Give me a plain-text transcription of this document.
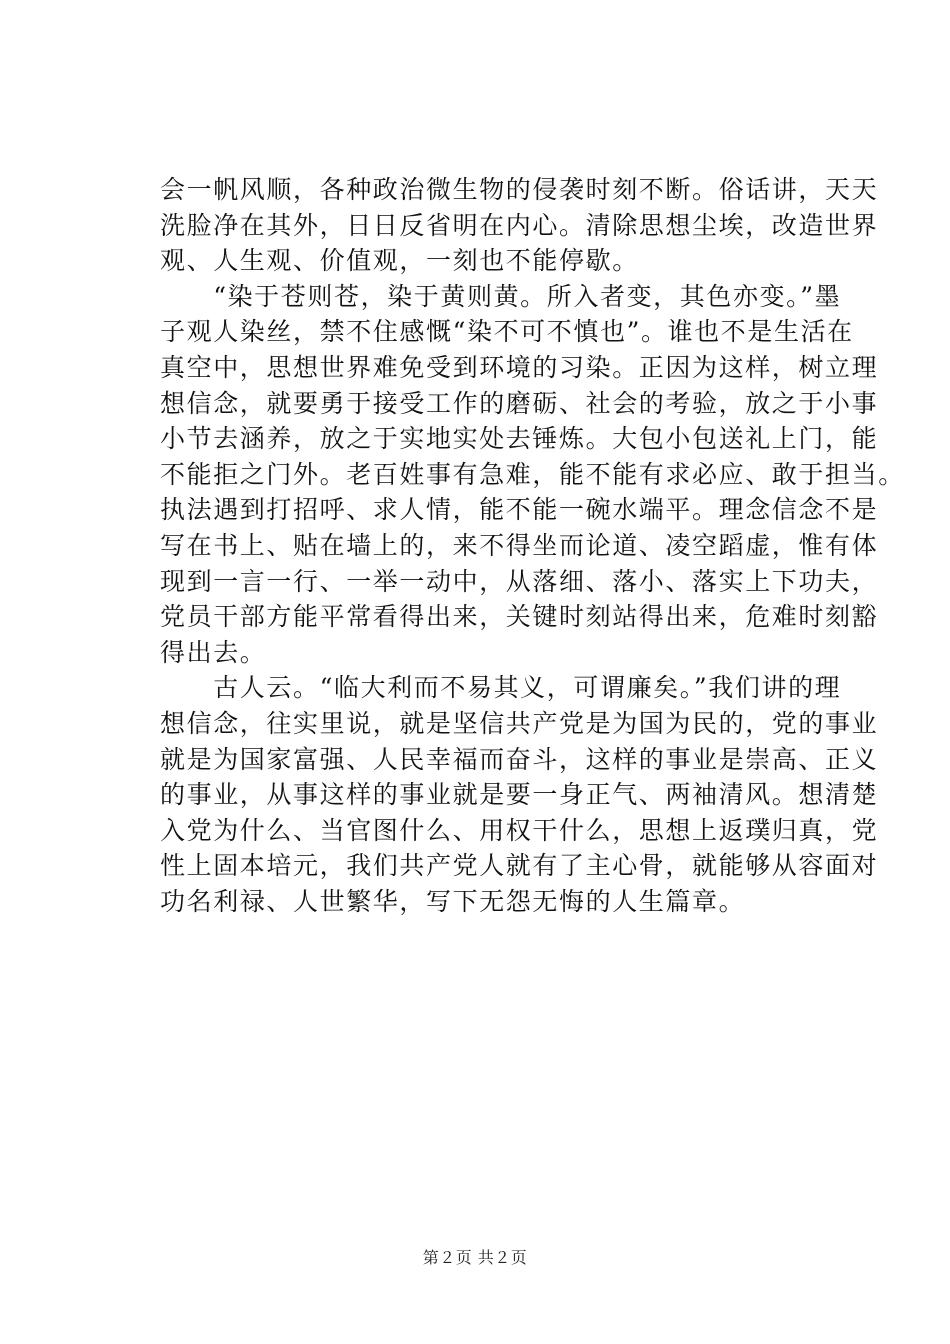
会一帆风顺，各种政治微生物的侵袭时刻不断。俗话讲，天天
洗脸净在其外，日日反省明在内心。清除思想尘埃，改造世界
观、人生观、价值观，一刻也不能停歇。
　　“染于苍则苍，染于黄则黄。所入者变，其色亦变。”墨
子观人染丝，禁不住感慨“染不可不慎也”。谁也不是生活在
真空中，思想世界难免受到环境的习染。正因为这样，树立理
想信念，就要勇于接受工作的磨砺、社会的考验，放之于小事
小节去涵养，放之于实地实处去锤炼。大包小包送礼上门，能
不能拒之门外。老百姓事有急难，能不能有求必应、敢于担当。
执法遇到打招呼、求人情，能不能一碗水端平。理念信念不是
写在书上、贴在墙上的，来不得坐而论道、凌空蹈虚，惟有体
现到一言一行、一举一动中，从落细、落小、落实上下功夫，
党员干部方能平常看得出来，关键时刻站得出来，危难时刻豁
得出去。
　　古人云。“临大利而不易其义，可谓廉矣。”我们讲的理
想信念，往实里说，就是坚信共产党是为国为民的，党的事业
就是为国家富强、人民幸福而奋斗，这样的事业是崇高、正义
的事业，从事这样的事业就是要一身正气、两袖清风。想清楚
入党为什么、当官图什么、用权干什么，思想上返璞归真，党
性上固本培元，我们共产党人就有了主心骨，就能够从容面对
功名利禄、人世繁华，写下无怨无悔的人生篇章。
第２页 共２页
